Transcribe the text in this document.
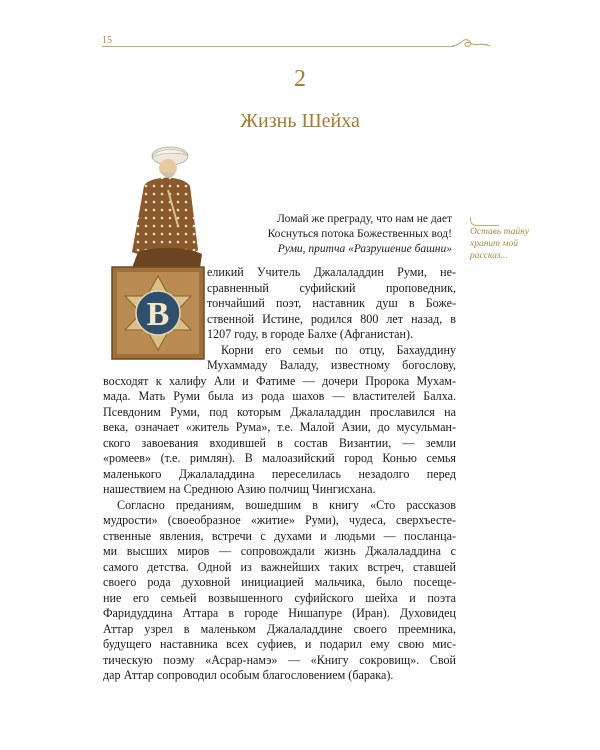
15
2
Жизнь Шейха
Ломай же преграду, что нам не дает
Коснуться потока Божественных вод!
Руми, притча «Разрушение башни»
Оставь тайну хранит мой рассказ...
В
еликий Учитель Джалаладдин Руми, не-
сравненный суфийский проповедник,
тончайший поэт, наставник душ в Боже-
ственной Истине, родился 800 лет назад, в
1207 году, в городе Балхе (Афганистан).
Корни его семьи по отцу, Бахауддину
Мухаммаду Валаду, известному богослову,
восходят к халифу Али и Фатиме — дочери Пророка Мухам-
мада. Мать Руми была из рода шахов — властителей Балха.
Псевдоним Руми, под которым Джалаладдин прославился на
века, означает «житель Рума», т.е. Малой Азии, до мусульман-
ского завоевания входившей в состав Византии, — земли
«ромеев» (т.е. римлян). В малоазийский город Конью семья
маленького Джалаладдина переселилась незадолго перед
нашествием на Среднюю Азию полчищ Чингисхана.
Согласно преданиям, вошедшим в книгу «Сто рассказов
мудрости» (своеобразное «житие» Руми), чудеса, сверхъесте-
ственные явления, встречи с духами и людьми — посланца-
ми высших миров — сопровождали жизнь Джалаладдина с
самого детства. Одной из важнейших таких встреч, ставшей
своего рода духовной инициацией мальчика, было посеще-
ние его семьей возвышенного суфийского шейха и поэта
Фаридуддина Аттара в городе Нишапуре (Иран). Духовидец
Аттар узрел в маленьком Джалаладдине своего преемника,
будущего наставника всех суфиев, и подарил ему свою мис-
тическую поэму «Асрар-намэ» — «Книгу сокровищ». Свой
дар Аттар сопроводил особым благословением (барака).
